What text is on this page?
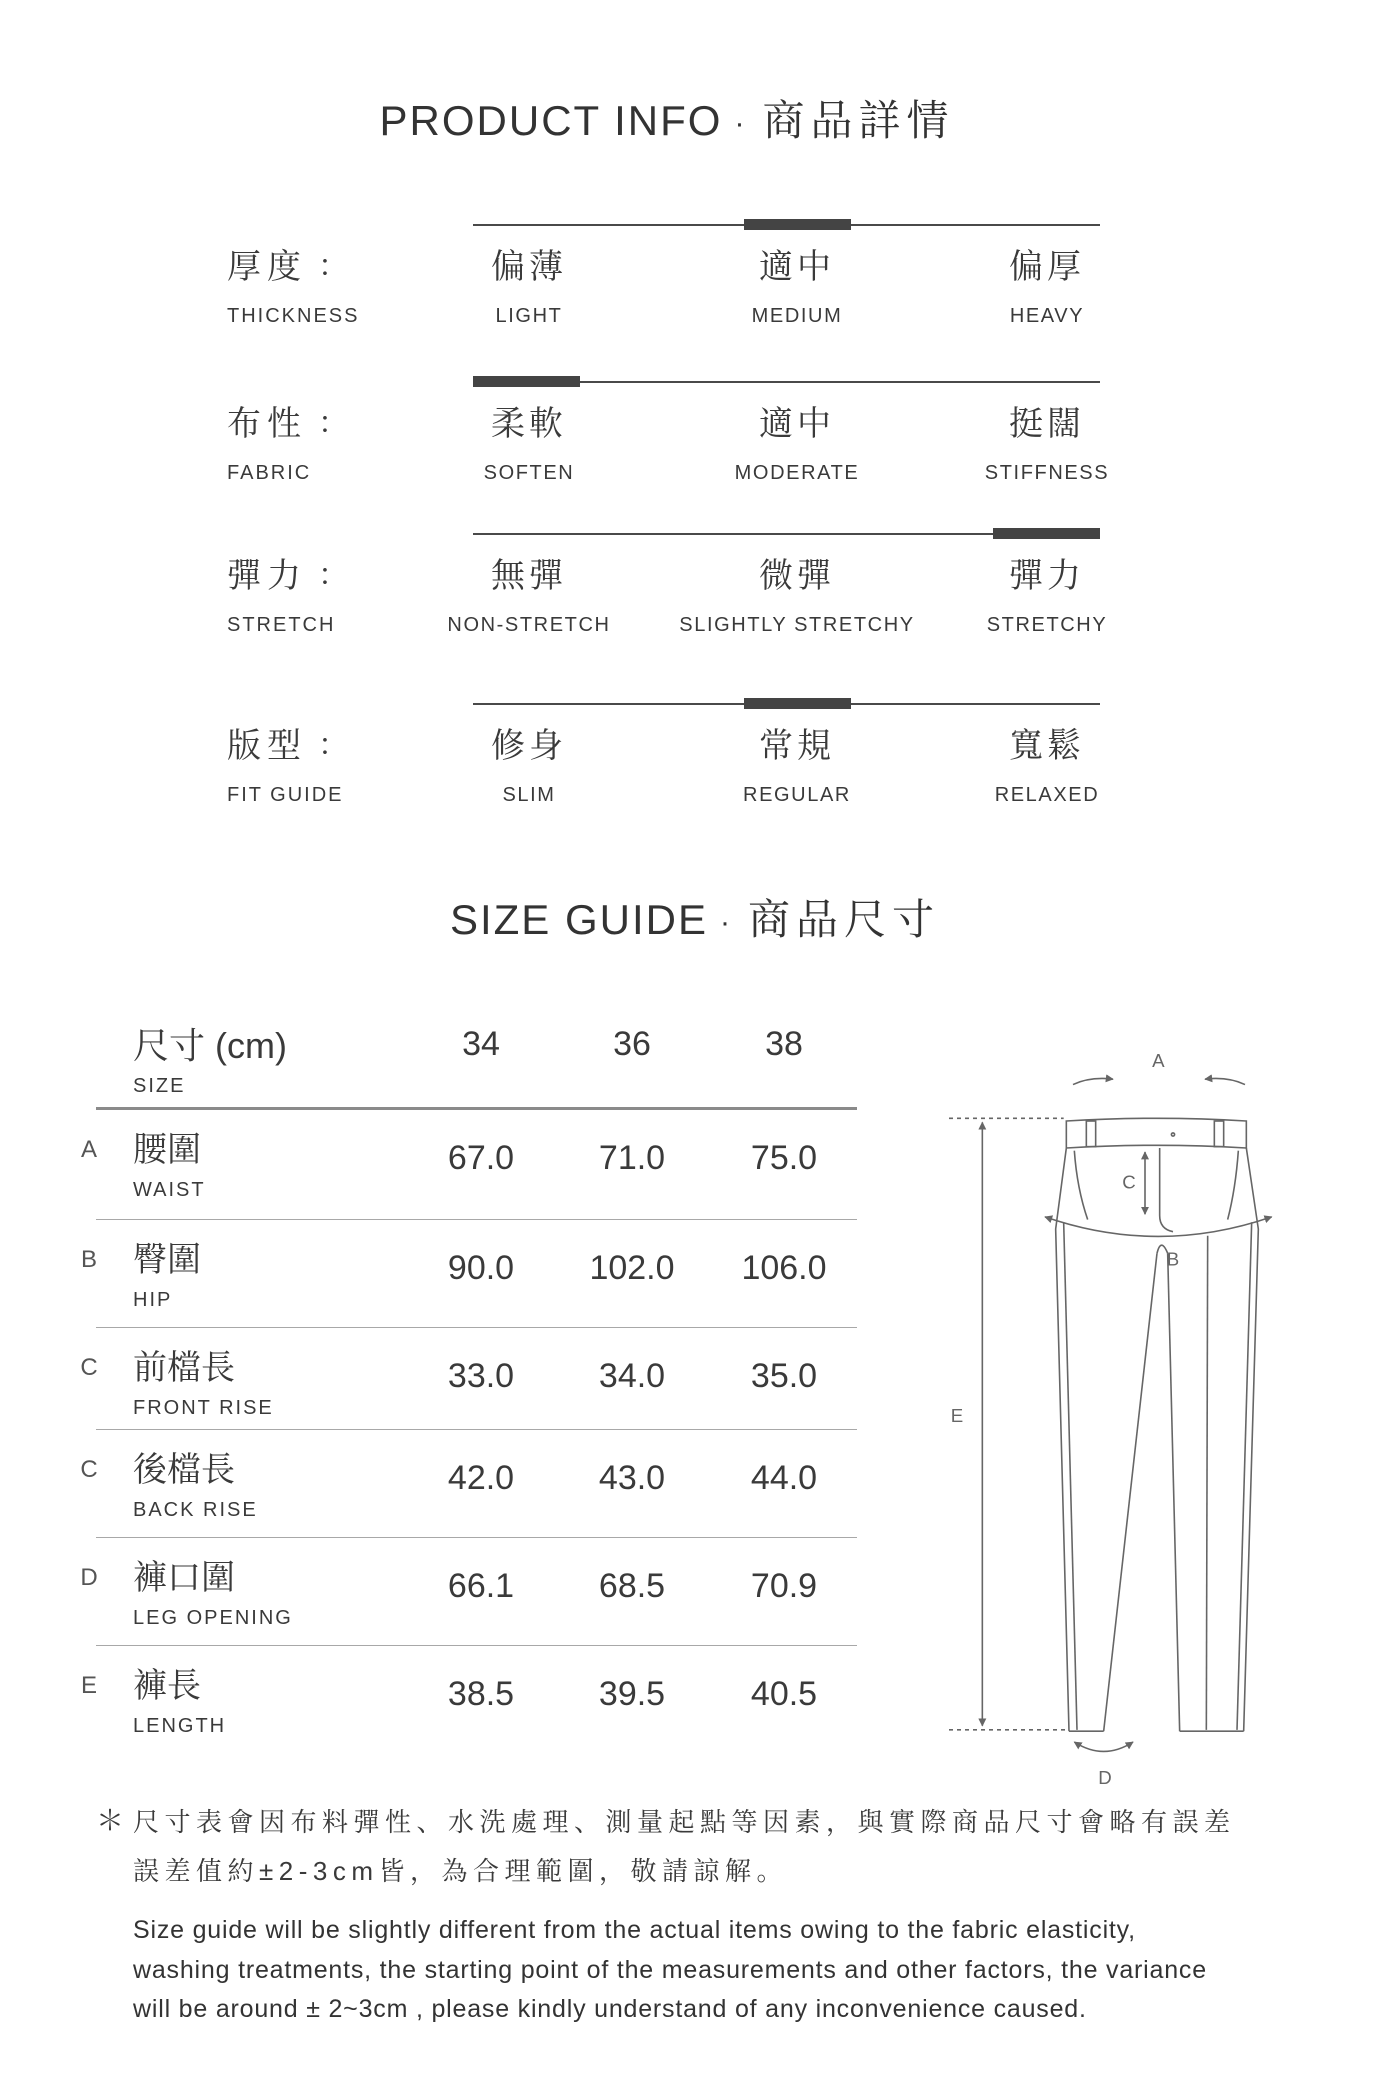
PRODUCT INFO · 商品詳情
厚度 ：
THICKNESS
偏薄
LIGHT
適中
MEDIUM
偏厚
HEAVY
布性 ：
FABRIC
柔軟
SOFTEN
適中
MODERATE
挺闊
STIFFNESS
彈力 ：
STRETCH
無彈
NON-STRETCH
微彈
SLIGHTLY STRETCHY
彈力
STRETCHY
版型 ：
FIT GUIDE
修身
SLIM
常規
REGULAR
寬鬆
RELAXED
SIZE GUIDE · 商品尺寸
尺寸 (cm)
SIZE
34	36	38
A 腰圍
WAIST
67.0	71.0	75.0
B 臀圍
HIP
90.0	102.0	106.0
C 前檔長
FRONT RISE
33.0	34.0	35.0
C 後檔長
BACK RISE
42.0	43.0	44.0
D 褲口圍
LEG OPENING
66.1	68.5	70.9
E 褲長
LENGTH
38.5	39.5	40.5
A
C
B
E
D
＊ 尺寸表會因布料彈性、水洗處理、測量起點等因素，與實際商品尺寸會略有誤差
誤差值約±2-3cm皆，為合理範圍，敬請諒解。
Size guide will be slightly different from the actual items owing to the fabric elasticity,
washing treatments, the starting point of the measurements and other factors, the variance
will be around ± 2~3cm , please kindly understand of any inconvenience caused.
